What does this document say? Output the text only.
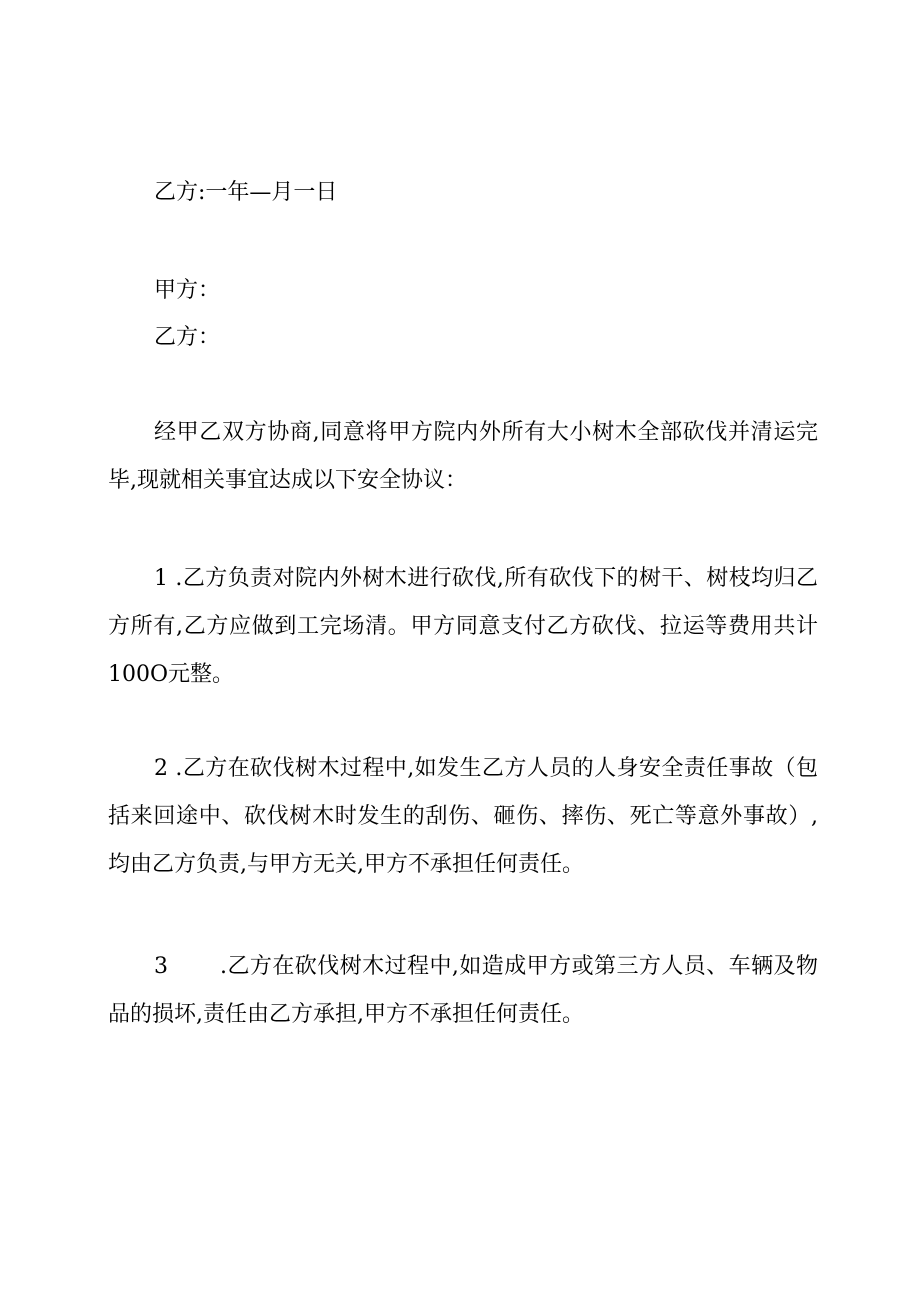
乙方:一年—月一日

甲方：

乙方：

经甲乙双方协商,同意将甲方院内外所有大小树木全部砍伐并清运完毕,现就相关事宜达成以下安全协议：

1 .乙方负责对院内外树木进行砍伐,所有砍伐下的树干、树枝均归乙方所有,乙方应做到工完场清。甲方同意支付乙方砍伐、拉运等费用共计100O元整。

2 .乙方在砍伐树木过程中,如发生乙方人员的人身安全责任事故（包括来回途中、砍伐树木时发生的刮伤、砸伤、摔伤、死亡等意外事故）,均由乙方负责,与甲方无关,甲方不承担任何责任。

3       .乙方在砍伐树木过程中,如造成甲方或第三方人员、车辆及物品的损坏,责任由乙方承担,甲方不承担任何责任。
